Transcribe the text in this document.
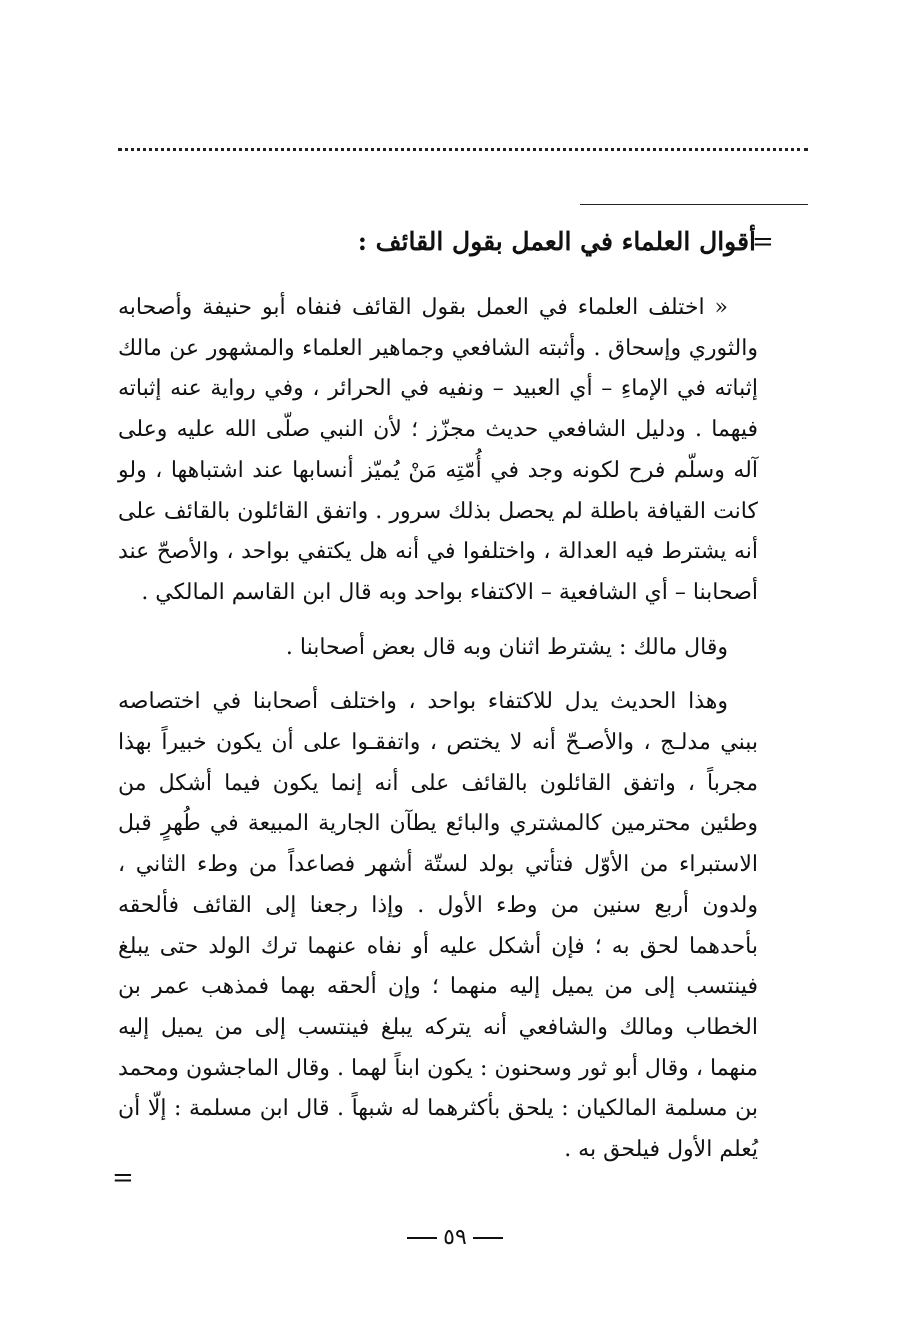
=
أقوال العلماء في العمل بقول القائف :

« اختلف العلماء في العمل بقول القائف فنفاه أبو حنيفة وأصحابه والثوري وإسحاق . وأثبته الشافعي وجماهير العلماء والمشهور عن مالك إثباته في الإماءِ – أي العبيد – ونفيه في الحرائر ، وفي رواية عنه إثباته فيهما . ودليل الشافعي حديث مجزّز ؛ لأن النبي صلّى الله عليه وعلى آله وسلّم فرح لكونه وجد في أُمّتِه مَنْ يُميّز أنسابها عند اشتباهها ، ولو كانت القيافة باطلة لم يحصل بذلك سرور . واتفق القائلون بالقائف على أنه يشترط فيه العدالة ، واختلفوا في أنه هل يكتفي بواحد ، والأصحّ عند أصحابنا – أي الشافعية – الاكتفاء بواحد وبه قال ابن القاسم المالكي .

وقال مالك : يشترط اثنان وبه قال بعض أصحابنا .

وهذا الحديث يدل للاكتفاء بواحد ، واختلف أصحابنا في اختصاصه ببني مدلـج ، والأصـحّ أنه لا يختص ، واتفقـوا على أن يكون خبيراً بهذا مجرباً ، واتفق القائلون بالقائف على أنه إنما يكون فيما أشكل من وطئين محترمين كالمشتري والبائع يطآن الجارية المبيعة في طُهرٍ قبل الاستبراء من الأوّل فتأتي بولد لستّة أشهر فصاعداً من وطء الثاني ، ولدون أربع سنين من وطء الأول . وإذا رجعنا إلى القائف فألحقه بأحدهما لحق به ؛ فإن أشكل عليه أو نفاه عنهما ترك الولد حتى يبلغ فينتسب إلى من يميل إليه منهما ؛ وإن ألحقه بهما فمذهب عمر بن الخطاب ومالك والشافعي أنه يتركه يبلغ فينتسب إلى من يميل إليه منهما ، وقال أبو ثور وسحنون : يكون ابناً لهما . وقال الماجشون ومحمد بن مسلمة المالكيان : يلحق بأكثرهما له شبهاً . قال ابن مسلمة : إلّا أن يُعلم الأول فيلحق به .

=
٥٩
